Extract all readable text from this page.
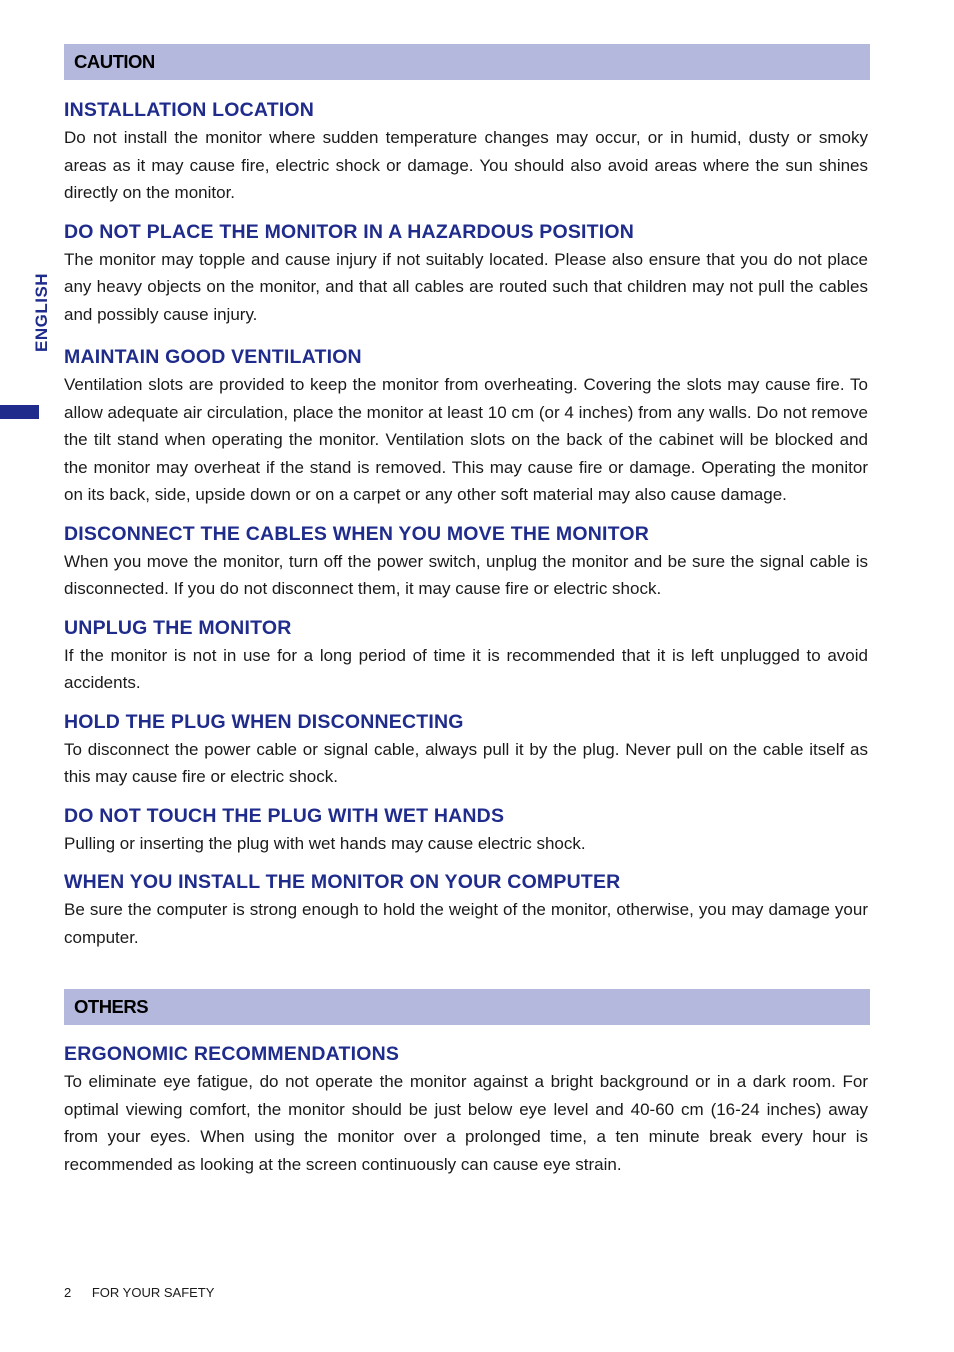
ENGLISH
CAUTION
INSTALLATION LOCATION

Do not install the monitor where sudden temperature changes may occur, or in humid, dusty or smoky areas as it may cause fire, electric shock or damage. You should also avoid areas where the sun shines directly on the monitor.

DO NOT PLACE THE MONITOR IN A HAZARDOUS POSITION

The monitor may topple and cause injury if not suitably located. Please also ensure that you do not place any heavy objects on the monitor, and that all cables are routed such that children may not pull the cables and possibly cause injury.

MAINTAIN GOOD VENTILATION

Ventilation slots are provided to keep the monitor from overheating. Covering the slots may cause fire. To allow adequate air circulation, place the monitor at least 10 cm (or 4 inches) from any walls. Do not remove the tilt stand when operating the monitor. Ventilation slots on the back of the cabinet will be blocked and the monitor may overheat if the stand is removed. This may cause fire or damage. Operating the monitor on its back, side, upside down or on a carpet or any other soft material may also cause damage.

DISCONNECT THE CABLES WHEN YOU MOVE THE MONITOR

When you move the monitor, turn off the power switch, unplug the monitor and be sure the signal cable is disconnected. If you do not disconnect them, it may cause fire or electric shock.

UNPLUG THE MONITOR

If the monitor is not in use for a long period of time it is recommended that it is left unplugged to avoid accidents.

HOLD THE PLUG WHEN DISCONNECTING

To disconnect the power cable or signal cable, always pull it by the plug. Never pull on the cable itself as this may cause fire or electric shock.

DO NOT TOUCH THE PLUG WITH WET HANDS

Pulling or inserting the plug with wet hands may cause electric shock.

WHEN YOU INSTALL THE MONITOR ON YOUR COMPUTER

Be sure the computer is strong enough to hold the weight of the monitor, otherwise, you may damage your computer.

OTHERS
ERGONOMIC RECOMMENDATIONS

To eliminate eye fatigue, do not operate the monitor against a bright background or in a dark room. For optimal viewing comfort, the monitor should be just below eye level and 40-60 cm (16-24 inches) away from your eyes. When using the monitor over a prolonged time, a ten minute break every hour is recommended as looking at the screen continuously can cause eye strain.

2 FOR YOUR SAFETY
